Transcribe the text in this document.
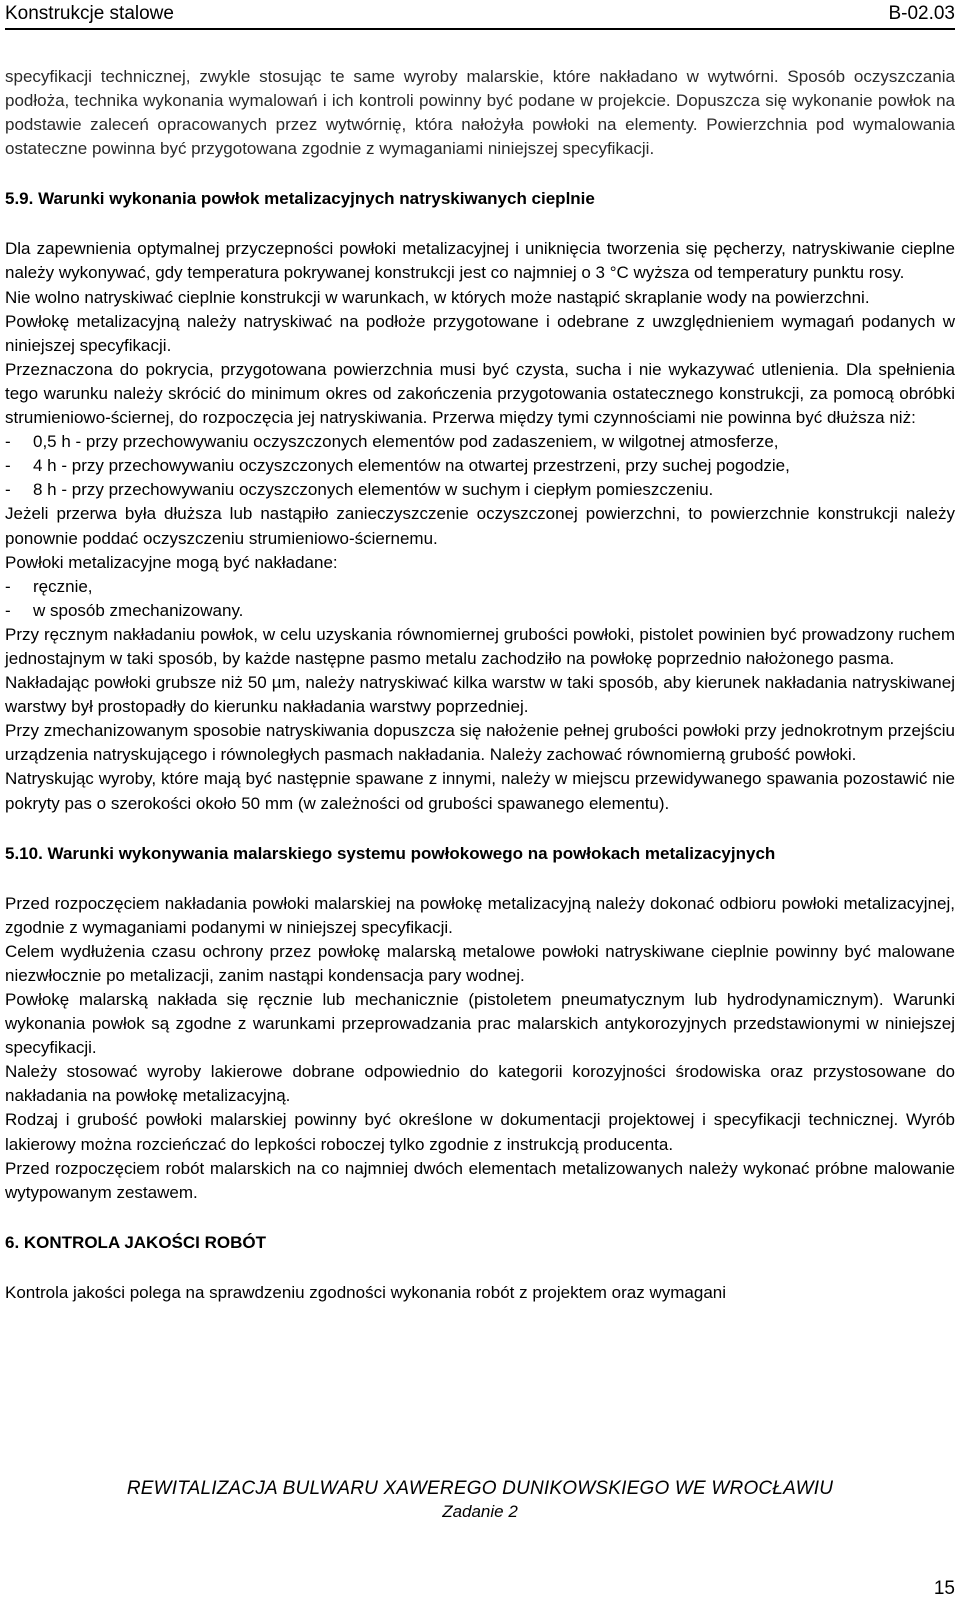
Konstrukcje stalowe	B-02.03

specyfikacji technicznej, zwykle stosując te same wyroby malarskie, które nakładano w wytwórni. Sposób oczyszczania podłoża, technika wykonania wymalowań i ich kontroli powinny być podane w projekcie. Dopuszcza się wykonanie powłok na podstawie zaleceń opracowanych przez wytwórnię, która nałożyła powłoki na elementy. Powierzchnia pod wymalowania ostateczne powinna być przygotowana zgodnie z wymaganiami niniejszej specyfikacji.

5.9. Warunki wykonania powłok metalizacyjnych natryskiwanych cieplnie

Dla zapewnienia optymalnej przyczepności powłoki metalizacyjnej i uniknięcia tworzenia się pęcherzy, natryskiwanie cieplne należy wykonywać, gdy temperatura pokrywanej konstrukcji jest co najmniej o 3 °C wyższa od temperatury punktu rosy.

Nie wolno natryskiwać cieplnie konstrukcji w warunkach, w których może nastąpić skraplanie wody na powierzchni.

Powłokę metalizacyjną należy natryskiwać na podłoże przygotowane i odebrane z uwzględnieniem wymagań podanych w niniejszej specyfikacji.

Przeznaczona do pokrycia, przygotowana powierzchnia musi być czysta, sucha i nie wykazywać utlenienia. Dla spełnienia tego warunku należy skrócić do minimum okres od zakończenia przygotowania ostatecznego konstrukcji, za pomocą obróbki strumieniowo-ściernej, do rozpoczęcia jej natryskiwania. Przerwa między tymi czynnościami nie powinna być dłuższa niż:

- 0,5 h - przy przechowywaniu oczyszczonych elementów pod zadaszeniem, w wilgotnej atmosferze,

- 4 h - przy przechowywaniu oczyszczonych elementów na otwartej przestrzeni, przy suchej pogodzie,

- 8 h - przy przechowywaniu oczyszczonych elementów w suchym i ciepłym pomieszczeniu.

Jeżeli przerwa była dłuższa lub nastąpiło zanieczyszczenie oczyszczonej powierzchni, to powierzchnie konstrukcji należy ponownie poddać oczyszczeniu strumieniowo-ściernemu.

Powłoki metalizacyjne mogą być nakładane:

- ręcznie,

- w sposób zmechanizowany.

Przy ręcznym nakładaniu powłok, w celu uzyskania równomiernej grubości powłoki, pistolet powinien być prowadzony ruchem jednostajnym w taki sposób, by każde następne pasmo metalu zachodziło na powłokę poprzednio nałożonego pasma.

Nakładając powłoki grubsze niż 50 µm, należy natryskiwać kilka warstw w taki sposób, aby kierunek nakładania natryskiwanej warstwy był prostopadły do kierunku nakładania warstwy poprzedniej.

Przy zmechanizowanym sposobie natryskiwania dopuszcza się nałożenie pełnej grubości powłoki przy jednokrotnym przejściu urządzenia natryskującego i równoległych pasmach nakładania. Należy zachować równomierną grubość powłoki.

Natryskując wyroby, które mają być następnie spawane z innymi, należy w miejscu przewidywanego spawania pozostawić nie pokryty pas o szerokości około 50 mm (w zależności od grubości spawanego elementu).

5.10. Warunki wykonywania malarskiego systemu powłokowego na powłokach metalizacyjnych

Przed rozpoczęciem nakładania powłoki malarskiej na powłokę metalizacyjną należy dokonać odbioru powłoki metalizacyjnej, zgodnie z wymaganiami podanymi w niniejszej specyfikacji.

Celem wydłużenia czasu ochrony przez powłokę malarską metalowe powłoki natryskiwane cieplnie powinny być malowane niezwłocznie po metalizacji, zanim nastąpi kondensacja pary wodnej.

Powłokę malarską nakłada się ręcznie lub mechanicznie (pistoletem pneumatycznym lub hydrodynamicznym). Warunki wykonania powłok są zgodne z warunkami przeprowadzania prac malarskich antykorozyjnych przedstawionymi w niniejszej specyfikacji.

Należy stosować wyroby lakierowe dobrane odpowiednio do kategorii korozyjności środowiska oraz przystosowane do nakładania na powłokę metalizacyjną.

Rodzaj i grubość powłoki malarskiej powinny być określone w dokumentacji projektowej i specyfikacji technicznej. Wyrób lakierowy można rozcieńczać do lepkości roboczej tylko zgodnie z instrukcją producenta.

Przed rozpoczęciem robót malarskich na co najmniej dwóch elementach metalizowanych należy wykonać próbne malowanie wytypowanym zestawem.

6. KONTROLA JAKOŚCI ROBÓT

Kontrola jakości polega na sprawdzeniu zgodności wykonania robót z projektem oraz wymagani

REWITALIZACJA BULWARU XAWEREGO DUNIKOWSKIEGO WE WROCŁAWIU
Zadanie 2
15
